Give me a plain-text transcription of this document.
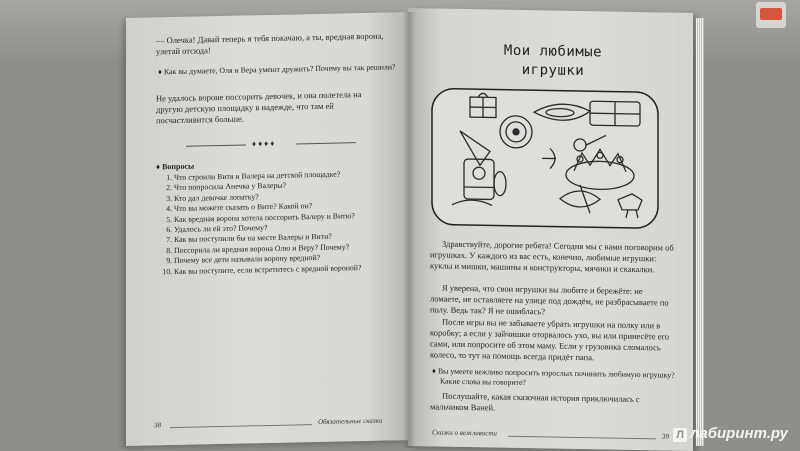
— Олечка! Давай теперь я тебя покачаю, а ты, вредная ворона, улетай отсюда!
♦ Как вы думаете, Оля и Вера умеют дружить? Почему вы так решили?
Не удалось вороне поссорить девочек, и она полетела на другую детскую площадку в надежде, что там ей посчастливится больше.
♦♦♦♦
♦ Вопросы
1. Что строили Витя и Валера на детской площадке?
2. Что попросила Анечка у Валеры?
3. Кто дал девочке лопатку?
4. Что вы можете сказать о Вите? Какой он?
5. Как вредная ворона хотела поссорить Валеру и Витю?
6. Удалось ли ей это? Почему?
7. Как вы поступили бы на месте Валеры и Вити?
8. Поссорила ли вредная ворона Олю и Веру? Почему?
9. Почему все дети называли ворону вредной?
10. Как вы поступите, если встретитесь с вредной вороной?
38	Обязательные сказки
Мои любимые
игрушки
Здравствуйте, дорогие ребята! Сегодня мы с вами поговорим об игрушках. У каждого из вас есть, конечно, любимые игрушки: куклы и мишки, машины и конструкторы, мячики и скакалки.
Я уверена, что свои игрушки вы любите и бережёте: не ломаете, не оставляете на улице под дождём, не разбрасываете по полу. Ведь так? Я не ошиблась?
После игры вы не забываете убрать игрушки на полку или в коробку; а если у зайчишки оторвалось ухо, вы или принесёте его сами, или попросите об этом маму. Если у грузовика сломалось колесо, то тут на помощь всегда придёт папа.
♦ Вы умеете вежливо попросить взрослых починить любимую игрушку? Какие слова вы говорите?
Послушайте, какая сказочная история приключилась с мальчиком Ваней.
Сказки о вежливости	39 Л лабиринт.ру
